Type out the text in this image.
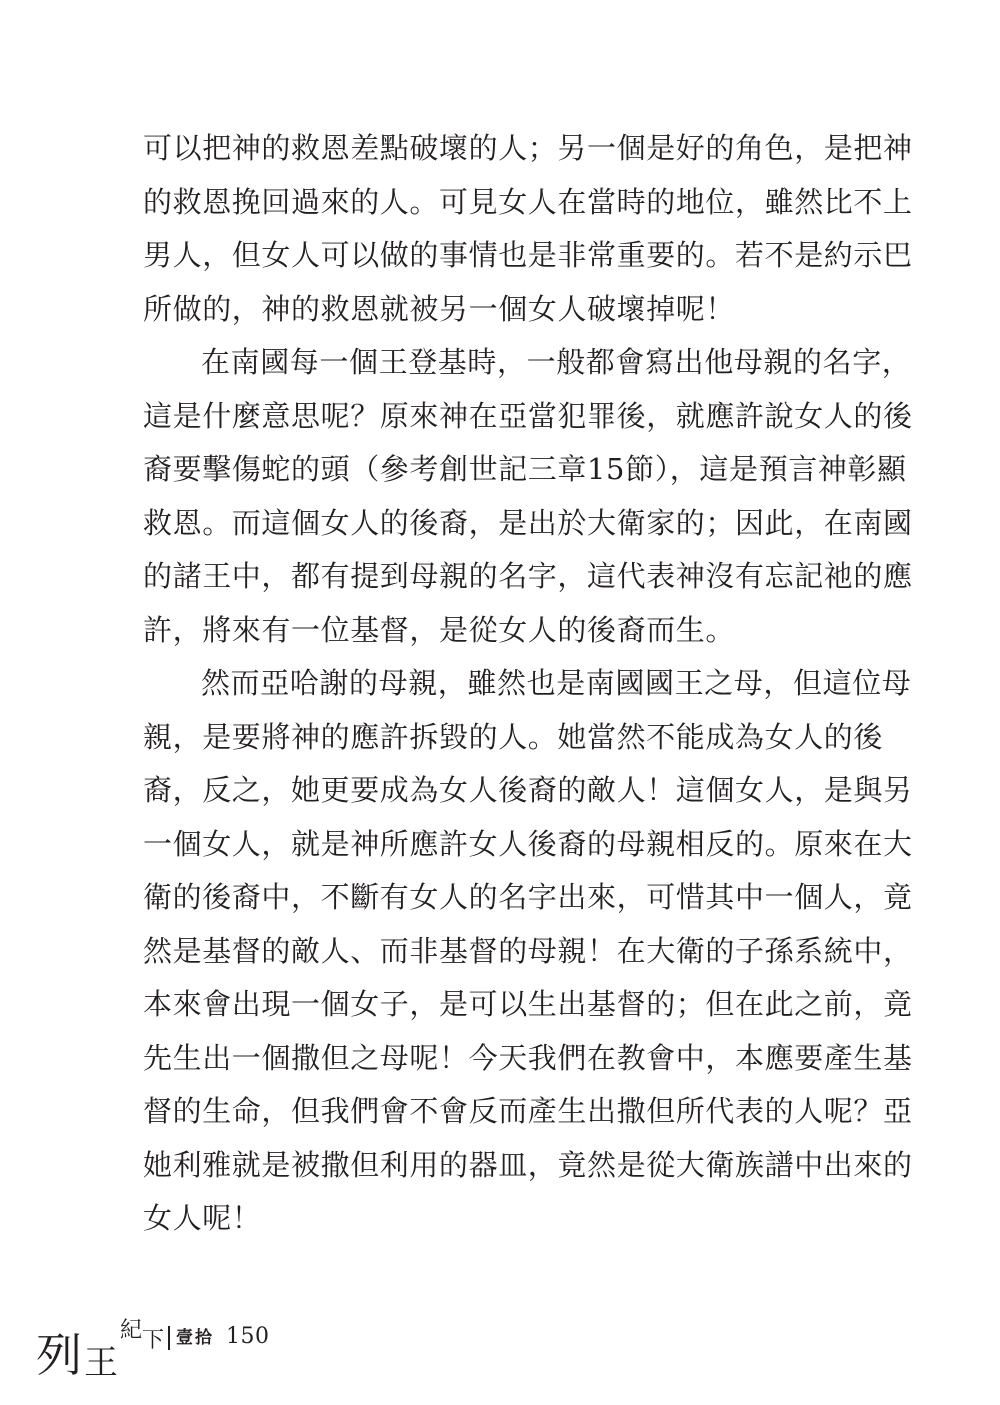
可以把神的救恩差點破壞的人；另一個是好的角色，是把神
的救恩挽回過來的人。可見女人在當時的地位，雖然比不上
男人，但女人可以做的事情也是非常重要的。若不是約示巴
所做的，神的救恩就被另一個女人破壞掉呢！
在南國每一個王登基時，一般都會寫出他母親的名字，
這是什麼意思呢？原來神在亞當犯罪後，就應許說女人的後
裔要擊傷蛇的頭（參考創世記三章15節），這是預言神彰顯
救恩。而這個女人的後裔，是出於大衛家的；因此，在南國
的諸王中，都有提到母親的名字，這代表神沒有忘記祂的應
許，將來有一位基督，是從女人的後裔而生。
然而亞哈謝的母親，雖然也是南國國王之母，但這位母
親，是要將神的應許拆毀的人。她當然不能成為女人的後
裔，反之，她更要成為女人後裔的敵人！這個女人，是與另
一個女人，就是神所應許女人後裔的母親相反的。原來在大
衛的後裔中，不斷有女人的名字出來，可惜其中一個人，竟
然是基督的敵人、而非基督的母親！在大衛的子孫系統中，
本來會出現一個女子，是可以生出基督的；但在此之前，竟
先生出一個撒但之母呢！今天我們在教會中，本應要產生基
督的生命，但我們會不會反而產生出撒但所代表的人呢？亞
她利雅就是被撒但利用的器皿，竟然是從大衛族譜中出來的
女人呢！
列 王
紀 下 壹拾 150
